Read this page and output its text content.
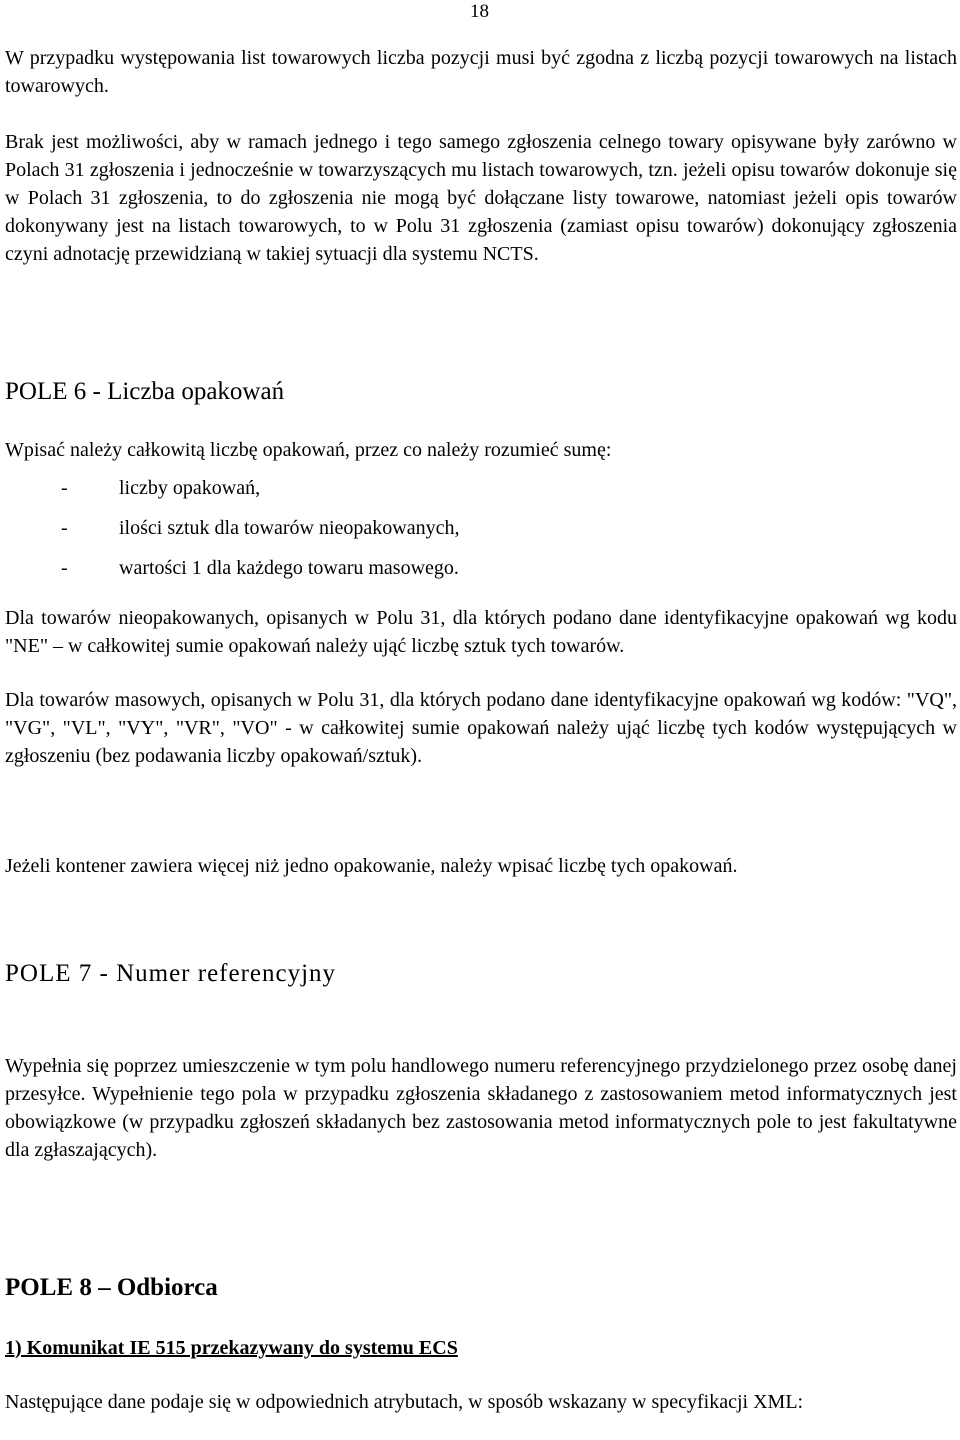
18

W przypadku występowania list towarowych liczba pozycji musi być zgodna z liczbą pozycji towarowych na listach towarowych.

Brak jest możliwości, aby w ramach jednego i tego samego zgłoszenia celnego towary opisywane były zarówno w Polach 31 zgłoszenia i jednocześnie w towarzyszących mu listach towarowych, tzn. jeżeli opisu towarów dokonuje się w Polach 31 zgłoszenia, to do zgłoszenia nie mogą być dołączane listy towarowe, natomiast jeżeli opis towarów dokonywany jest na listach towarowych, to w Polu 31 zgłoszenia (zamiast opisu towarów) dokonujący zgłoszenia czyni adnotację przewidzianą w takiej sytuacji dla systemu NCTS.

POLE 6 - Liczba opakowań

Wpisać należy całkowitą liczbę opakowań, przez co należy rozumieć sumę:

-	liczby opakowań,
-	ilości sztuk dla towarów nieopakowanych,
-	wartości 1 dla każdego towaru masowego.

Dla towarów nieopakowanych, opisanych w Polu 31, dla których podano dane identyfikacyjne opakowań wg kodu "NE" – w całkowitej sumie opakowań należy ująć liczbę sztuk tych towarów.

Dla towarów masowych, opisanych w Polu 31, dla których podano dane identyfikacyjne opakowań wg kodów: "VQ", "VG", "VL", "VY", "VR", "VO" - w całkowitej sumie opakowań należy ująć liczbę tych kodów występujących w zgłoszeniu (bez podawania liczby opakowań/sztuk).

Jeżeli kontener zawiera więcej niż jedno opakowanie, należy wpisać liczbę tych opakowań.

POLE 7 - Numer referencyjny

Wypełnia się poprzez umieszczenie w tym polu handlowego numeru referencyjnego przydzielonego przez osobę danej przesyłce. Wypełnienie tego pola w przypadku zgłoszenia składanego z zastosowaniem metod informatycznych jest obowiązkowe (w przypadku zgłoszeń składanych bez zastosowania metod informatycznych pole to jest fakultatywne dla zgłaszających).

POLE 8 – Odbiorca

1) Komunikat IE 515 przekazywany do systemu ECS

Następujące dane podaje się w odpowiednich atrybutach, w sposób wskazany w specyfikacji XML:
